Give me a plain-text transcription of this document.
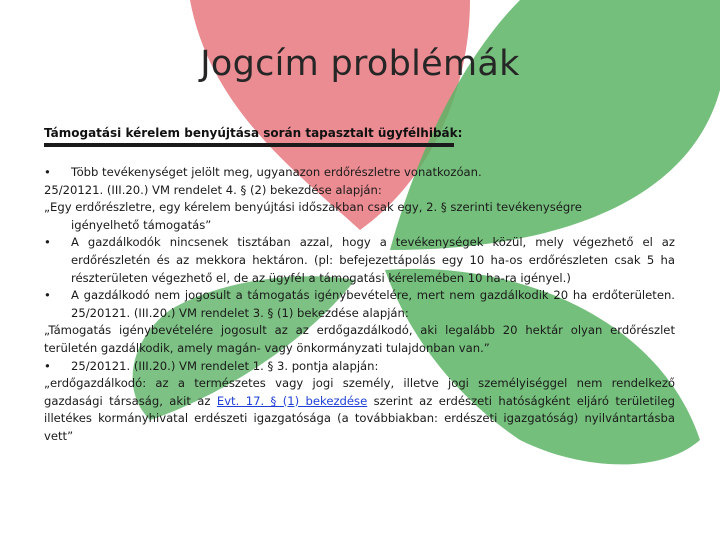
Jogcím problémák
Támogatási kérelem benyújtása során tapasztalt ügyfélhibák:

• Több tevékenységet jelölt meg, ugyanazon erdőrészletre vonatkozóan.

25/20121. (III.20.) VM rendelet 4. § (2) bekezdése alapján:

„Egy erdőrészletre, egy kérelem benyújtási időszakban csak egy, 2. § szerinti tevékenységre

igényelhető támogatás”

• A gazdálkodók nincsenek tisztában azzal, hogy a tevékenységek közül, mely végezhető el az erdőrészletén és az mekkora hektáron. (pl: befejezettápolás egy 10 ha-os erdőrészleten csak 5 ha részterületen végezhető el, de az ügyfél a támogatási kérelemében 10 ha-ra igényel.)

• A gazdálkodó nem jogosult a támogatás igénybevételére, mert nem gazdálkodik 20 ha erdőterületen. 25/20121. (III.20.) VM rendelet 3. § (1) bekezdése alapján:

„Támogatás igénybevételére jogosult az az erdőgazdálkodó, aki legalább 20 hektár olyan erdőrészlet területén gazdálkodik, amely magán- vagy önkormányzati tulajdonban van.”

• 25/20121. (III.20.) VM rendelet 1. § 3. pontja alapján:

„erdőgazdálkodó: az a természetes vagy jogi személy, illetve jogi személyiséggel nem rendelkező gazdasági társaság, akit az Evt. 17. § (1) bekezdése szerint az erdészeti hatóságként eljáró területileg illetékes kormányhivatal erdészeti igazgatósága (a továbbiakban: erdészeti igazgatóság) nyilvántartásba vett”
